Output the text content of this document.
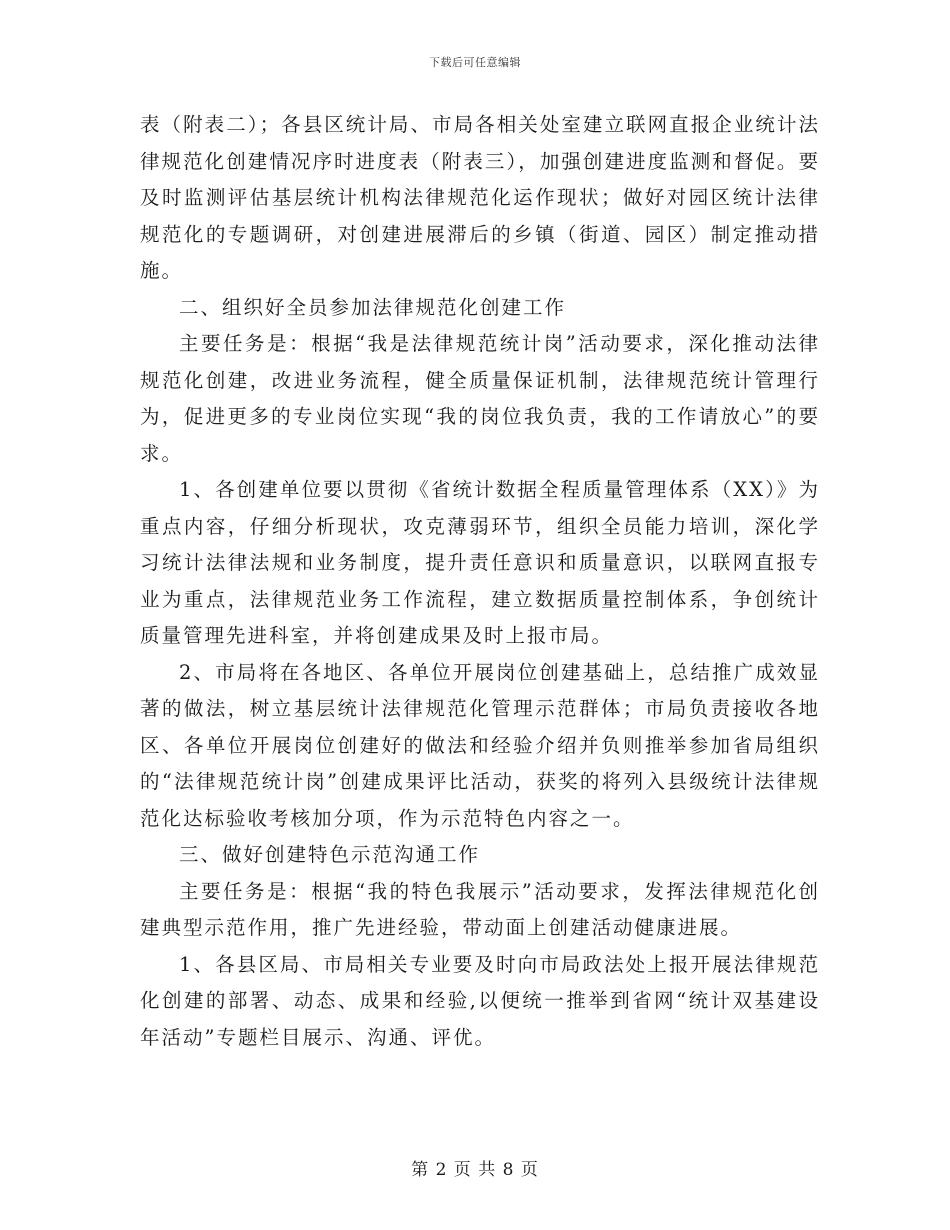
下载后可任意编辑

表（附表二）；各县区统计局、市局各相关处室建立联网直报企业统计法律规范化创建情况序时进度表（附表三），加强创建进度监测和督促。要及时监测评估基层统计机构法律规范化运作现状；做好对园区统计法律规范化的专题调研，对创建进展滞后的乡镇（街道、园区）制定推动措施。

二、组织好全员参加法律规范化创建工作

主要任务是：根据“我是法律规范统计岗”活动要求，深化推动法律规范化创建，改进业务流程，健全质量保证机制，法律规范统计管理行为，促进更多的专业岗位实现“我的岗位我负责，我的工作请放心”的要求。

1、各创建单位要以贯彻《省统计数据全程质量管理体系（XX）》为重点内容，仔细分析现状，攻克薄弱环节，组织全员能力培训，深化学习统计法律法规和业务制度，提升责任意识和质量意识，以联网直报专业为重点，法律规范业务工作流程，建立数据质量控制体系，争创统计质量管理先进科室，并将创建成果及时上报市局。

2、市局将在各地区、各单位开展岗位创建基础上，总结推广成效显著的做法，树立基层统计法律规范化管理示范群体；市局负责接收各地区、各单位开展岗位创建好的做法和经验介绍并负则推举参加省局组织的“法律规范统计岗”创建成果评比活动，获奖的将列入县级统计法律规范化达标验收考核加分项，作为示范特色内容之一。

三、做好创建特色示范沟通工作

主要任务是：根据“我的特色我展示”活动要求，发挥法律规范化创建典型示范作用，推广先进经验，带动面上创建活动健康进展。

1、各县区局、市局相关专业要及时向市局政法处上报开展法律规范化创建的部署、动态、成果和经验,以便统一推举到省网“统计双基建设年活动”专题栏目展示、沟通、评优。

第 2 页 共 8 页
